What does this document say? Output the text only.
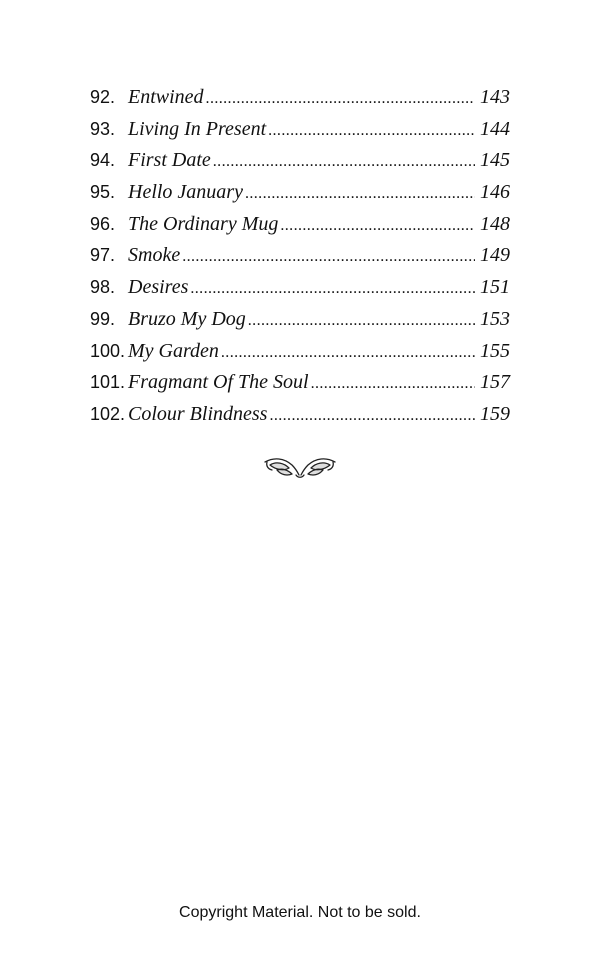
92. Entwined .....	143
93. Living In Present .....	144
94. First Date .....	145
95. Hello January .....	146
96. The Ordinary Mug .....	148
97. Smoke .....	149
98. Desires .....	151
99. Bruzo My Dog .....	153
100. My Garden .....	155
101. Fragmant Of The Soul .....	157
102. Colour Blindness .....	159
Copyright Material. Not to be sold.
